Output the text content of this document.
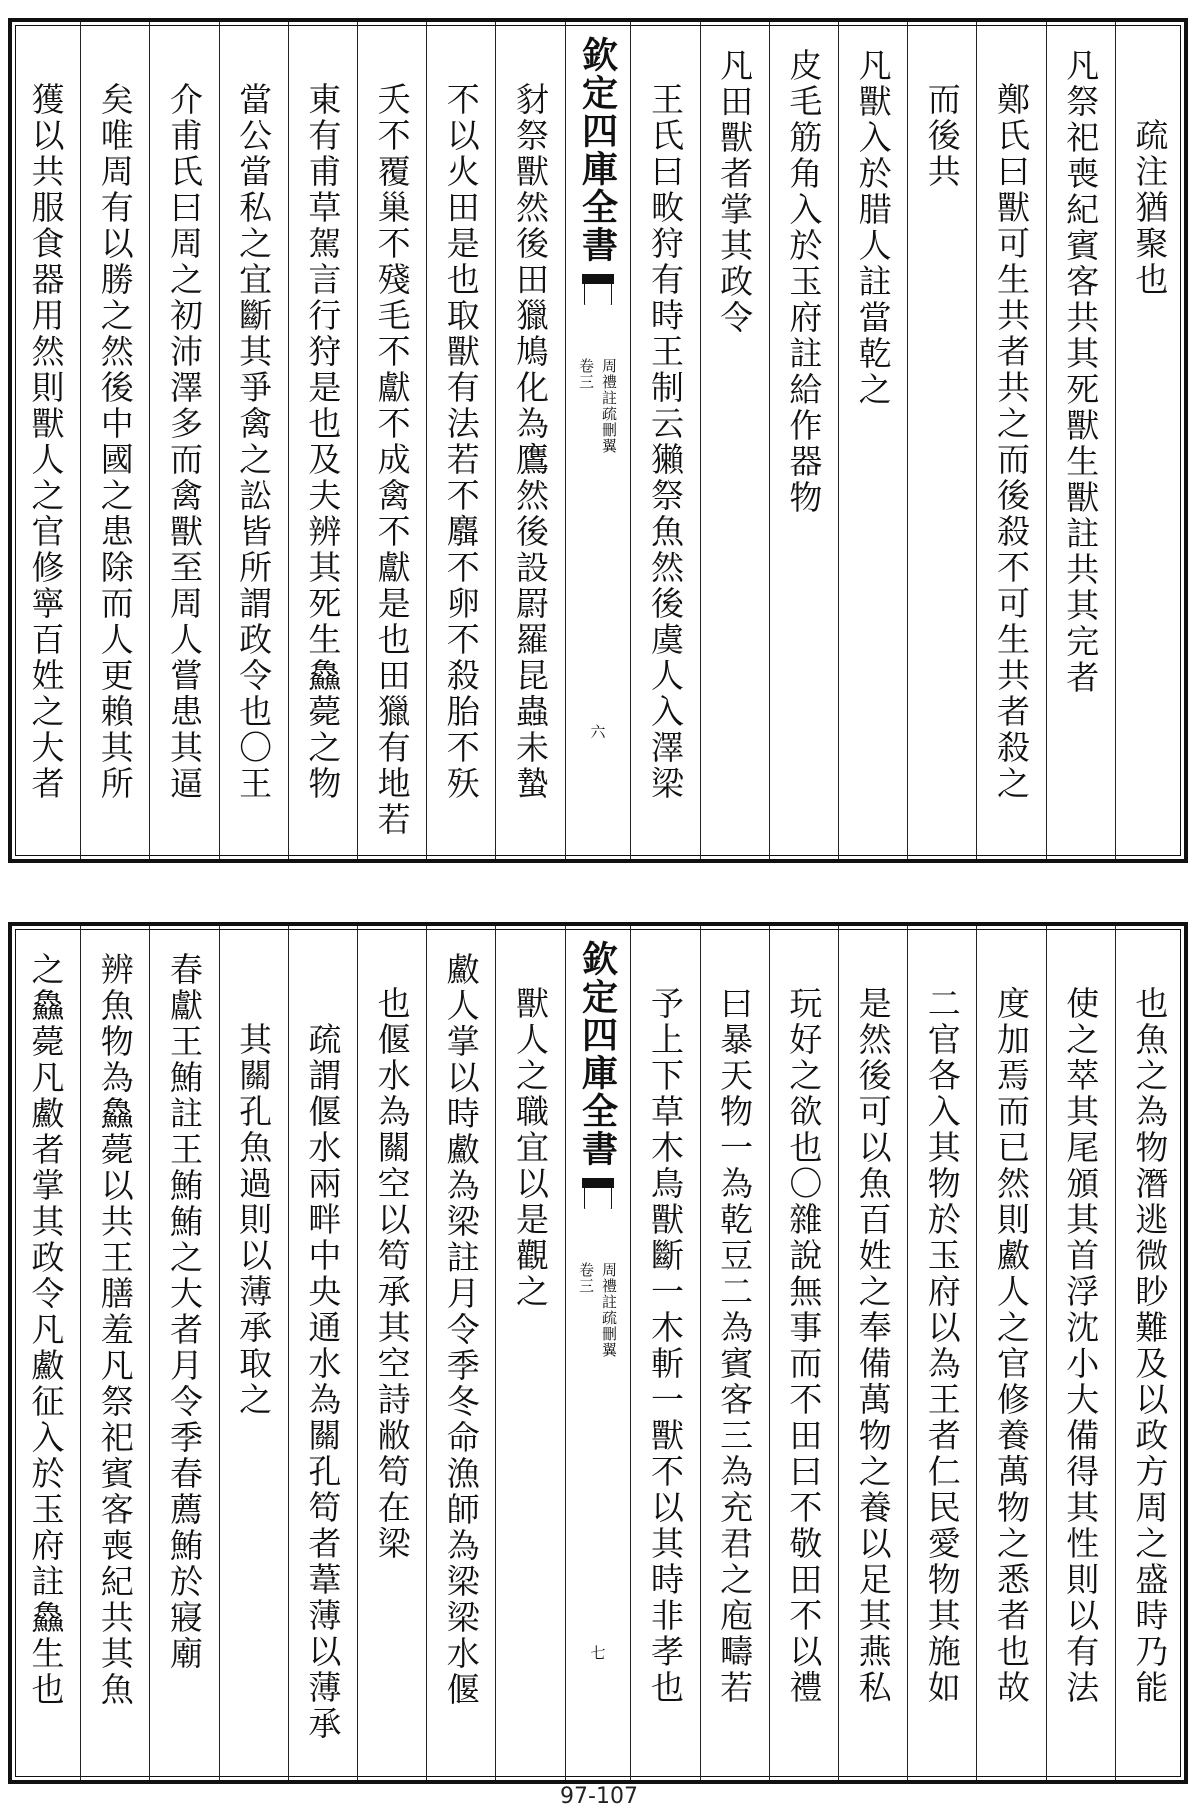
疏注猶聚也
凡祭祀喪紀賓客共其死獸生獸註共其完者
鄭氏曰獸可生共者共之而後殺不可生共者殺之
而後共
凡獸入於腊人註當乾之
皮毛筋角入於玉府註給作器物
凡田獸者掌其政令
王氏曰畋狩有時王制云獺祭魚然後虞人入澤梁
欽定四庫全書
周禮註疏刪翼
卷三
六
豺祭獸然後田獵鳩化為鷹然後設罻羅昆蟲未蟄
不以火田是也取獸有法若不麛不卵不殺胎不殀
夭不覆巢不殘毛不獻不成禽不獻是也田獵有地若
東有甫草駕言行狩是也及夫辨其死生鱻薨之物
當公當私之宜斷其爭禽之訟皆所謂政令也〇王
介甫氏曰周之初沛澤多而禽獸至周人嘗患其逼
矣唯周有以勝之然後中國之患除而人更賴其所
獲以共服食器用然則獸人之官修寧百姓之大者
也魚之為物潛逃微眇難及以政方周之盛時乃能
使之萃其尾頒其首浮沈小大備得其性則以有法
度加焉而已然則䱷人之官修養萬物之悉者也故
二官各入其物於玉府以為王者仁民愛物其施如
是然後可以魚百姓之奉備萬物之養以足其燕私
玩好之欲也〇雜說無事而不田曰不敬田不以禮
曰暴天物一為乾豆二為賓客三為充君之庖疇若
予上下草木鳥獸斷一木斬一獸不以其時非孝也
欽定四庫全書
周禮註疏刪翼
卷三
七
獸人之職宜以是觀之
䱷人掌以時䱷為梁註月令季冬命漁師為梁梁水偃
也偃水為關空以笱承其空詩敝笱在梁
疏謂偃水兩畔中央通水為關孔笱者葦薄以薄承
其關孔魚過則以薄承取之
春獻王鮪註王鮪鮪之大者月令季春薦鮪於寢廟
辨魚物為鱻薨以共王膳羞凡祭祀賓客喪紀共其魚
之鱻薨凡䱷者掌其政令凡䱷征入於玉府註鱻生也
97-107
